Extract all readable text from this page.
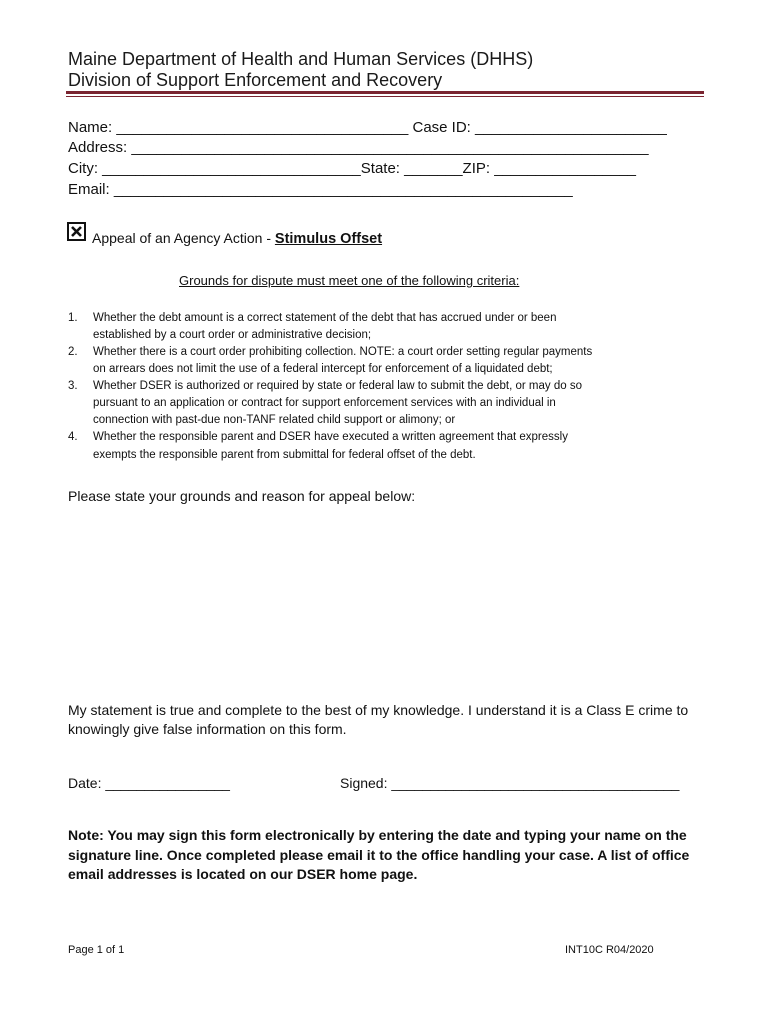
Maine Department of Health and Human Services (DHHS)
Division of Support Enforcement and Recovery
Name: ___________________________________ Case ID: _______________________
Address: ______________________________________________________________
City: _______________________________State: _______ZIP: _________________
Email: _______________________________________________________
Appeal of an Agency Action - Stimulus Offset
Grounds for dispute must meet one of the following criteria:
1. Whether the debt amount is a correct statement of the debt that has accrued under or been
established by a court order or administrative decision;
2. Whether there is a court order prohibiting collection. NOTE: a court order setting regular payments
on arrears does not limit the use of a federal intercept for enforcement of a liquidated debt;
3. Whether DSER is authorized or required by state or federal law to submit the debt, or may do so
pursuant to an application or contract for support enforcement services with an individual in
connection with past-due non-TANF related child support or alimony; or
4. Whether the responsible parent and DSER have executed a written agreement that expressly
exempts the responsible parent from submittal for federal offset of the debt.
Please state your grounds and reason for appeal below:
My statement is true and complete to the best of my knowledge. I understand it is a Class E crime to
knowingly give false information on this form.
Date: ________________	Signed: _____________________________________
Note: You may sign this form electronically by entering the date and typing your name on the
signature line. Once completed please email it to the office handling your case. A list of office
email addresses is located on our DSER home page.
Page 1 of 1	INT10C R04/2020
